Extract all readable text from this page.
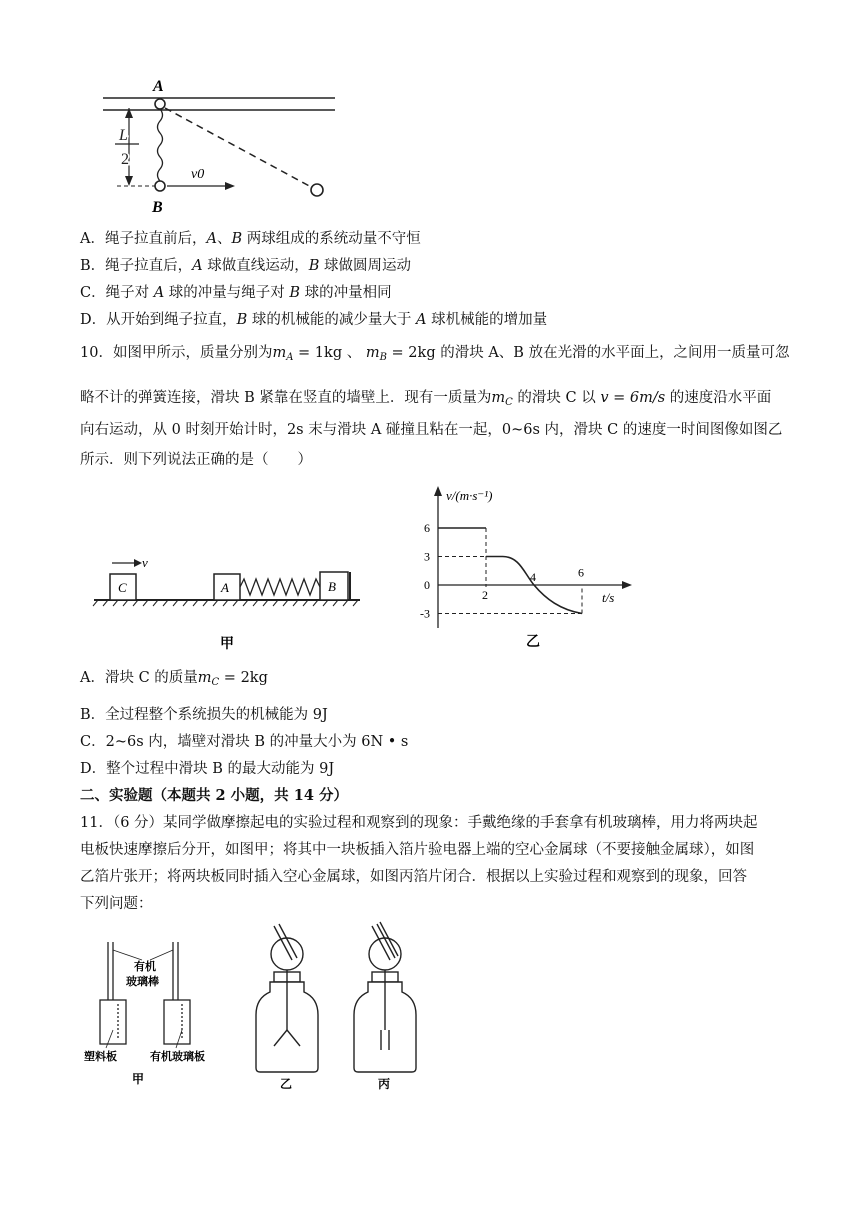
A
B
L
2
v0
A．绳子拉直前后，A、B 两球组成的系统动量不守恒
B．绳子拉直后，A 球做直线运动，B 球做圆周运动
C．绳子对 A 球的冲量与绳子对 B 球的冲量相同
D．从开始到绳子拉直，B 球的机械能的减少量大于 A 球机械能的增加量
10．如图甲所示，质量分别为$m_A = 1kg$ 、 $m_B = 2kg$ 的滑块 A、B 放在光滑的水平面上，之间用一质量可忽
略不计的弹簧连接，滑块 B 紧靠在竖直的墙壁上．现有一质量为$m_C$ 的滑块 C 以 v = 6m/s 的速度沿水平面
向右运动，从 0 时刻开始计时，2s 末与滑块 A 碰撞且粘在一起，0~6s 内，滑块 C 的速度一时间图像如图乙
所示．则下列说法正确的是（　　）
C
v
A	B
甲
v/(m·s⁻¹)
t/s
6
3
0
-3
2
4	6
乙
A．滑块 C 的质量$m_C = 2kg$
B．全过程整个系统损失的机械能为 9J
C．2~6s 内，墙壁对滑块 B 的冲量大小为 6N • s
D．整个过程中滑块 B 的最大动能为 9J
二、实验题（本题共 2 小题，共 14 分）
11．（6 分）某同学做摩擦起电的实验过程和观察到的现象：手戴绝缘的手套拿有机玻璃棒，用力将两块起
电板快速摩擦后分开，如图甲；将其中一块板插入箔片验电器上端的空心金属球（不要接触金属球），如图
乙箔片张开；将两块板同时插入空心金属球，如图丙箔片闭合．根据以上实验过程和观察到的现象，回答
下列问题：
有机
玻璃棒
塑料板	有机玻璃板
甲	乙	丙
